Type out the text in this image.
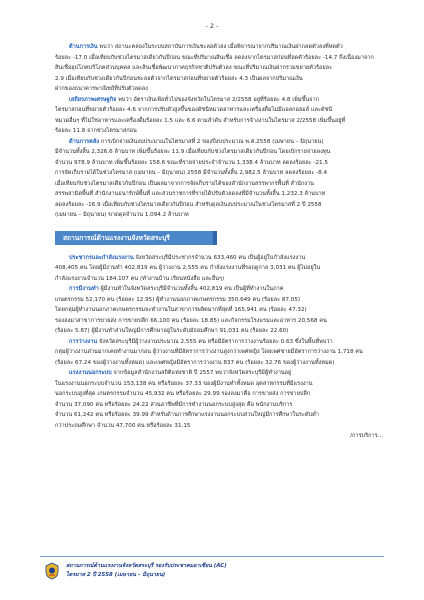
- 2 -
ด้านการเงิน พบว่า สถานะคล่องในระบบสถาบันการเงินชะลอตัวลง เมื่อพิจารณาจากปริมาณเงินฝากลดตัวลงที่หดตัว
ร้อยละ -17.0 เมื่อเทียบกับช่วงไตรมาสเดียวกันปีก่อน ขณะที่ปริมาณสินเชื่อ ลดลงจากไตรมาสก่อนที่ลดตัวร้อยละ -14.7 ถึงเนื่องมาจาก
สินเชื่ออุปโภคบริโภคส่วนบุคคล และสินเชื่อพัฒนาภาคธุรกิจชาติปรับตัวลง ขณะที่ปริมาณเงินฝากรวมขยายตัวร้อยละ
2.9 เมื่อเทียบกับช่วงเดียวกันปีก่อนชะลอตัวจากไตรมาสก่อนที่ขยายตัวร้อยละ 4.3 เป็นผลจากปริมาณเงิน
ฝากของธนาคารพาณิชย์ที่ปรับตัวลดลง
เสถียรภาพเศรษฐกิจ พบว่า อัตราเงินเฟ้อทั่วไปของจังหวัดในไตรมาส 2/2558 อยู่ที่ร้อยละ 4.8 เพิ่มขึ้นจาก
ไตรมาสก่อนที่ขยายตัวร้อยละ 4.6 จากการปรับตัวสูงขึ้นของดัชนีหมวดอาหารและเครื่องดื่มไม่มีแอลกอฮอล์ และดัชนี
หมวดอื่นๆ ที่ไม่ใช่อาหารและเครื่องดื่มร้อยละ 1.5 และ 6.6 ตามลำดับ สำหรับการจ้างงานในไตรมาส 2/2558 เพิ่มขึ้นอยู่ที่
ร้อยละ 11.8 จากช่วงไตรมาสก่อน
ด้านการคลัง การเบิกจ่ายเงินงบประมาณในไตรมาสที่ 2 ของปีงบประมาณ พ.ศ.2558 (เมษายน – มิถุนายน)
มีจำนวนทั้งสิ้น 2,326.6 ล้านบาท เพิ่มขึ้นร้อยละ 11.9 เมื่อเทียบกับช่วงไตรมาสเดียวกันปีก่อน โดยเบิกรายจ่ายลงทุน
จำนวน 978.9 ล้านบาท เพิ่มขึ้นร้อยละ 158.6 ขณะที่รายจ่ายประจำจำนวน 1,338.4 ล้านบาท ลดลงร้อยละ -21.5
การจัดเก็บรายได้ในช่วงไตรมาส (เมษายน – มิถุนายน) 2558 มีจำนวนทั้งสิ้น 2,982.5 ล้านบาท ลดลงร้อยละ -8.4
เมื่อเทียบกับช่วงไตรมาสเดียวกันปีก่อน เป็นผลมาจากการจัดเก็บรายได้ของสำนักงานสรรพากรพื้นที่ สำนักงาน
สรรพสามิตพื้นที่ สำนักงานธนารักษ์พื้นที่ และส่วนราชการที่รายได้ปรับตัวลดลงที่มีจำนวนทั้งสิ้น 1,232.3 ล้านบาท
ลดลงร้อยละ -16.9 เมื่อเทียบกับช่วงไตรมาสเดียวกันปีก่อน สำหรับดุลเงินงบประมาณในช่วงไตรมาสที่ 2 ปี 2558
(เมษายน – มิถุนายน) ขาดดุลจำนวน 1,094.2 ล้านบาท
สถานการณ์ด้านแรงงานจังหวัดสระบุรี
ประชากรและกำลังแรงงาน จังหวัดสระบุรีมีประชากรจำนวน 633,460 คน เป็นผู้อยู่ในกำลังแรงงาน
408,405 คน โดยผู้มีงานทำ 402,819 คน ผู้ว่างงาน 2,555 คน กำลังแรงงานที่รอฤดูกาล 3,031 คน ผู้ไม่อยู่ใน
กำลังแรงงานจำนวน 184,107 คน (ทำงานบ้าน เรียนหนังสือ และอื่นๆ)
การมีงานทำ ผู้มีงานทำในจังหวัดสระบุรีมีจำนวนทั้งสิ้น 402,819 คน เป็นผู้ที่ทำงานในภาค
เกษตรกรรม 52,170 คน (ร้อยละ 12.95) ผู้ทำงานนอกภาคเกษตรกรรม 350,649 คน (ร้อยละ 87.05)
โดยกลุ่มผู้ทำงานนอกภาคเกษตรกรรมจะทำงานในสาขาการผลิตมากที่สุดที่ 165,941 คน (ร้อยละ 47.32)
รองลงมาสาขาการขายส่ง การขายปลีก 66,100 คน (ร้อยละ 18.85) และกิจกรรมโรงแรมและอาหาร 20,568 คน
(ร้อยละ 5.87) ผู้มีงานทำส่วนใหญ่มีการศึกษาอยู่ในระดับมัธยมศึกษา 91,031 คน (ร้อยละ 22.60)
การว่างงาน จังหวัดสระบุรีมีผู้ว่างงานประมาณ 2,555 คน หรือมีอัตราการว่างงานร้อยละ 0.63 ซึ่งในพื้นที่พบว่า
กลุ่มผู้ว่างงานส่วนมากเคยทำงานมาก่อน ผู้ว่างงานที่มีอัตราการว่างงานสูงกว่าเพศหญิง โดยเพศชายมีอัตราการว่างงาน 1,718 คน
(ร้อยละ 67.24 ของผู้ว่างงานทั้งหมด) และเพศหญิงมีอัตราการว่างงาน 837 คน (ร้อยละ 32.76 ของผู้ว่างงานทั้งหมด)
แรงงานนอกระบบ จากข้อมูลสำนักงานสถิติแห่งชาติ ปี 2557 พบว่าจังหวัดสระบุรีมีผู้ทำงานอยู่
ในแรงงานนอกระบบจำนวน 153,138 คน หรือร้อยละ 37.33 ของผู้มีงานทำทั้งหมด อุตสาหกรรมที่มีแรงงาน
นอกระบบสูงที่สุด เกษตรกรรมจำนวน 45,932 คน หรือร้อยละ 29.99 รองลงมาคือ การขายส่ง การขายปลีก
จำนวน 37,090 คน หรือร้อยละ 24.22 ส่วนอาชีพที่มีการทำงานนอกระบบสูงสุด คือ พนักงานบริการ
จำนวน 61,242 คน หรือร้อยละ 39.99 สำหรับด้านการศึกษาแรงงานนอกระบบส่วนใหญ่มีการศึกษาในระดับต่ำ
กว่าประถมศึกษา จำนวน 47,700 คน หรือร้อยละ 31.15
/การบริการ...
สถานการณ์ด้านแรงงานจังหวัดสระบุรี รองรับประชาคมอาเซียน (AC)
ไตรมาส 2 ปี 2558 (เมษายน – มิถุนายน)
